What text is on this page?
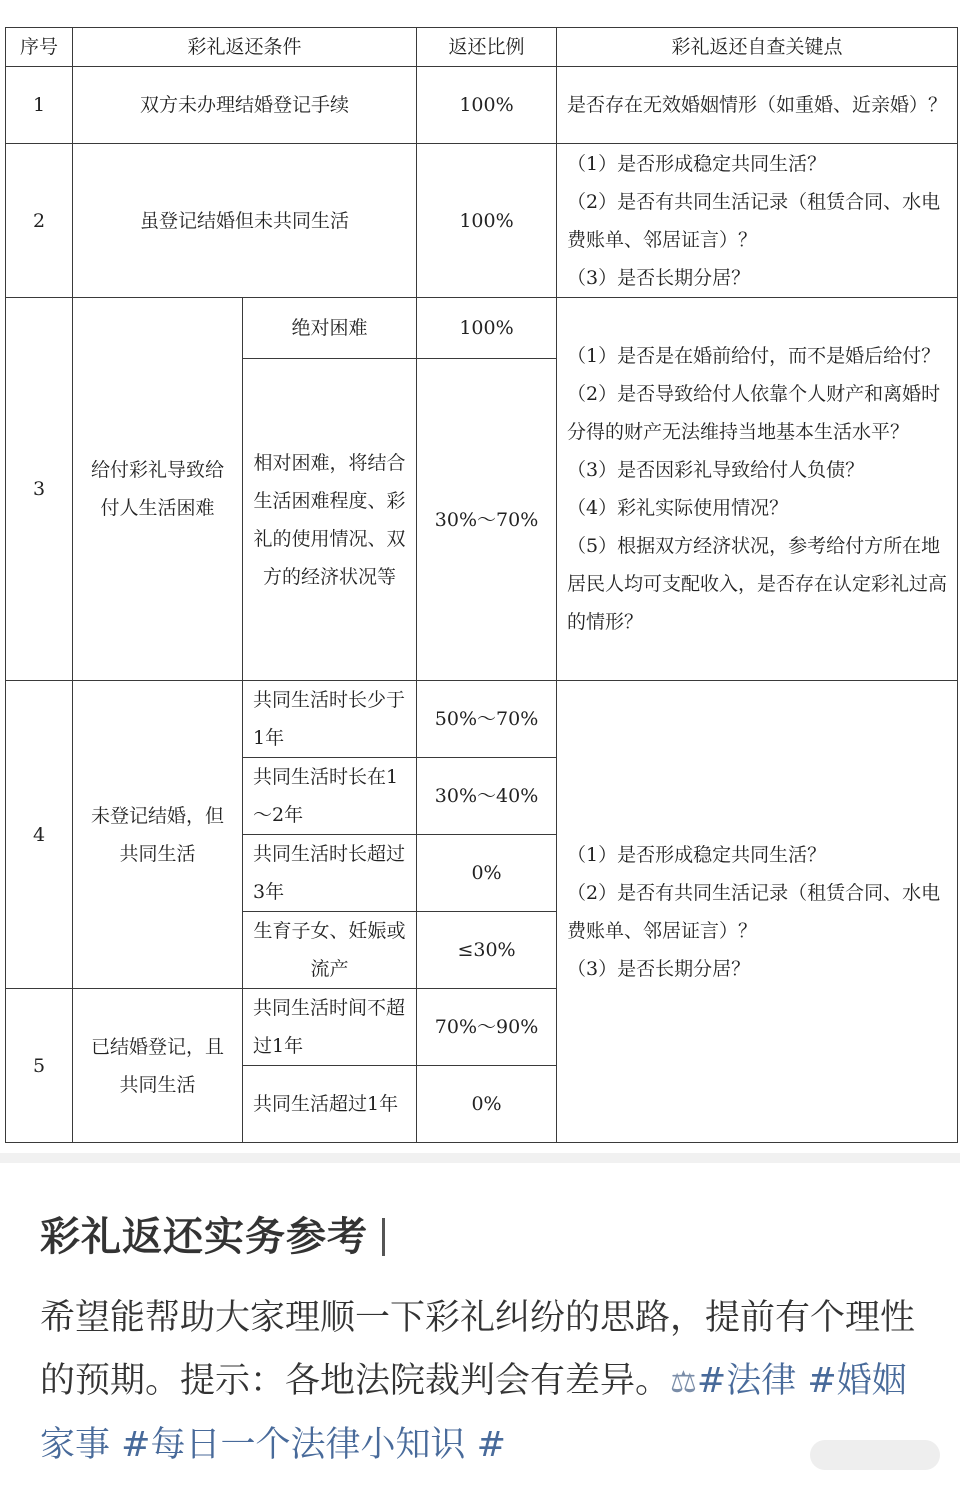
序号	彩礼返还条件		返还比例	彩礼返还自查关键点
1	双方未办理结婚登记手续		100%	是否存在无效婚姻情形（如重婚、近亲婚）？
2	虽登记结婚但未共同生活		100%	（1）是否形成稳定共同生活？
（2）是否有共同生活记录（租赁合同、水电费账单、邻居证言）？
（3）是否长期分居？

3	给付彩礼导致给付人生活困难	绝对困难	100%	（1）是否是在婚前给付，而不是婚后给付？
（2）是否导致给付人依靠个人财产和离婚时分得的财产无法维持当地基本生活水平？
（3）是否因彩礼导致给付人负债？
（4）彩礼实际使用情况？
（5）根据双方经济状况，参考给付方所在地居民人均可支配收入，是否存在认定彩礼过高的情形？

		相对困难，将结合生活困难程度、彩礼的使用情况、双方的经济状况等	30%～70%	
4	未登记结婚，但共同生活	共同生活时长少于1年	50%～70%	（1）是否形成稳定共同生活？
（2）是否有共同生活记录（租赁合同、水电费账单、邻居证言）？
（3）是否长期分居？

		共同生活时长在1～2年	30%～40%	
		共同生活时长超过3年	0%	
		生育子女、妊娠或流产	≤30%	
5	已结婚登记，且共同生活	共同生活时间不超过1年	70%～90%	
		共同生活超过1年	0%	
彩礼返还实务参考
希望能帮助大家理顺一下彩礼纠纷的思路，提前有个理性的预期。提示：各地法院裁判会有差异。⚖#法律 #婚姻家事 #每日一个法律小知识 #
